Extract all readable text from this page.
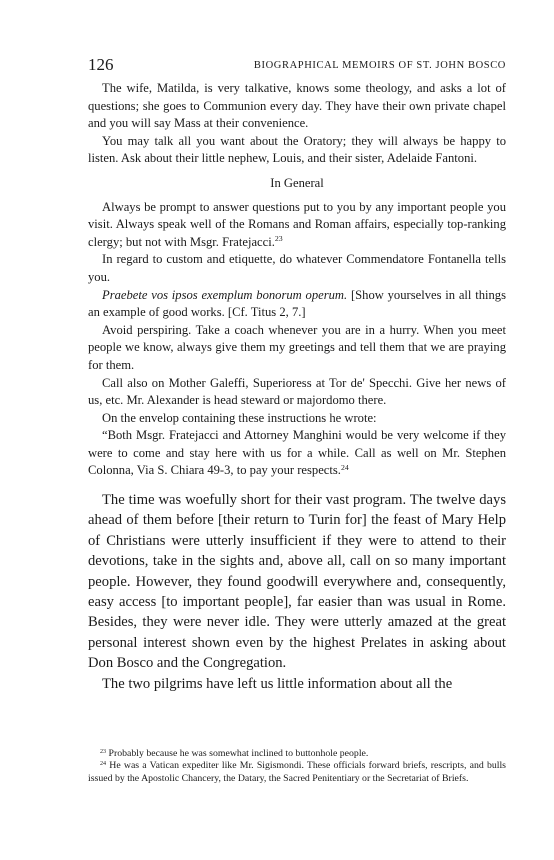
126	BIOGRAPHICAL MEMOIRS OF ST. JOHN BOSCO

The wife, Matilda, is very talkative, knows some theology, and asks a lot of questions; she goes to Communion every day. They have their own private chapel and you will say Mass at their convenience.

You may talk all you want about the Oratory; they will always be happy to listen. Ask about their little nephew, Louis, and their sister, Adelaide Fantoni.

In General

Always be prompt to answer questions put to you by any important people you visit. Always speak well of the Romans and Roman affairs, especially top-ranking clergy; but not with Msgr. Fratejacci.$^{23}$

In regard to custom and etiquette, do whatever Commendatore Fontanella tells you.

Praebete vos ipsos exemplum bonorum operum. [Show yourselves in all things an example of good works. [Cf. Titus 2, 7.]

Avoid perspiring. Take a coach whenever you are in a hurry. When you meet people we know, always give them my greetings and tell them that we are praying for them.

Call also on Mother Galeffi, Superioress at Tor de' Specchi. Give her news of us, etc. Mr. Alexander is head steward or majordomo there.

On the envelop containing these instructions he wrote:

“Both Msgr. Fratejacci and Attorney Manghini would be very welcome if they were to come and stay here with us for a while. Call as well on Mr. Stephen Colonna, Via S. Chiara 49-3, to pay your respects.$^{24}$

The time was woefully short for their vast program. The twelve days ahead of them before [their return to Turin for] the feast of Mary Help of Christians were utterly insufficient if they were to attend to their devotions, take in the sights and, above all, call on so many important people. However, they found goodwill everywhere and, consequently, easy access [to important people], far easier than was usual in Rome. Besides, they were never idle. They were utterly amazed at the great personal interest shown even by the highest Prelates in asking about Don Bosco and the Congregation.

The two pilgrims have left us little information about all the

$^{23}$ Probably because he was somewhat inclined to buttonhole people.

$^{24}$ He was a Vatican expediter like Mr. Sigismondi. These officials forward briefs, rescripts, and bulls issued by the Apostolic Chancery, the Datary, the Sacred Penitentiary or the Secretariat of Briefs.
